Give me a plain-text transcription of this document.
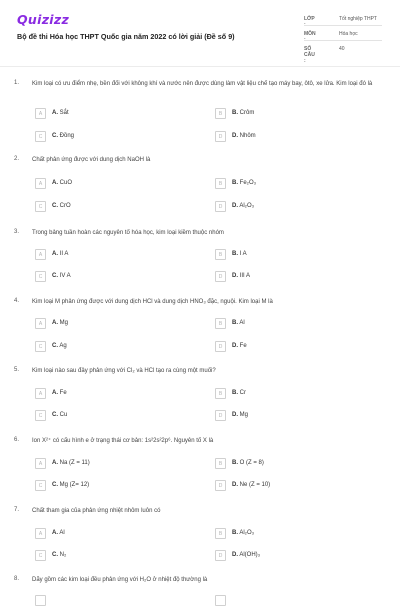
Quizizz
Bộ đề thi Hóa học THPT Quốc gia năm 2022 có lời giải (Đề số 9)
LỚP :
Tốt nghiệp THPT
MÔN :
Hóa học
SỐ CÂU :
40
1. Kim loại có ưu điểm nhẹ, bền đối với không khí và nước nên được dùng làm vật liệu chế tạo máy bay, ôtô, xe lửa. Kim loại đó là
A	A. Sắt	B	B. Crôm
C	C. Đồng	D	D. Nhôm
2. Chất phản ứng được với dung dịch NaOH là
A	A. CuO	B	B. Fe₂O₃
C	C. CrO	D	D. Al₂O₃
3. Trong bảng tuần hoàn các nguyên tố hóa học, kim loại kiềm thuộc nhóm
A	A. II A	B	B. I A
C	C. IV A	D	D. III A
4. Kim loại M phản ứng được với dung dịch HCl và dung dịch HNO₃ đặc, nguội. Kim loại M là
A	A. Mg	B	B. Al
C	C. Ag	D	D. Fe
5. Kim loại nào sau đây phản ứng với Cl₂ và HCl tạo ra cùng một muối?
A	A. Fe	B	B. Cr
C	C. Cu	D	D. Mg
6. Ion X²⁺ có cấu hình e ở trạng thái cơ bản: 1s²2s²2p⁶. Nguyên tố X là
A	A. Na (Z = 11)	B	B. O (Z = 8)
C	C. Mg (Z= 12)	D	D. Ne (Z = 10)
7. Chất tham gia của phản ứng nhiệt nhôm luôn có
A	A. Al	B	B. Al₂O₃
C	C. N₂	D	D. Al(OH)₃
8. Dãy gồm các kim loại đều phản ứng với H₂O ở nhiệt độ thường là
